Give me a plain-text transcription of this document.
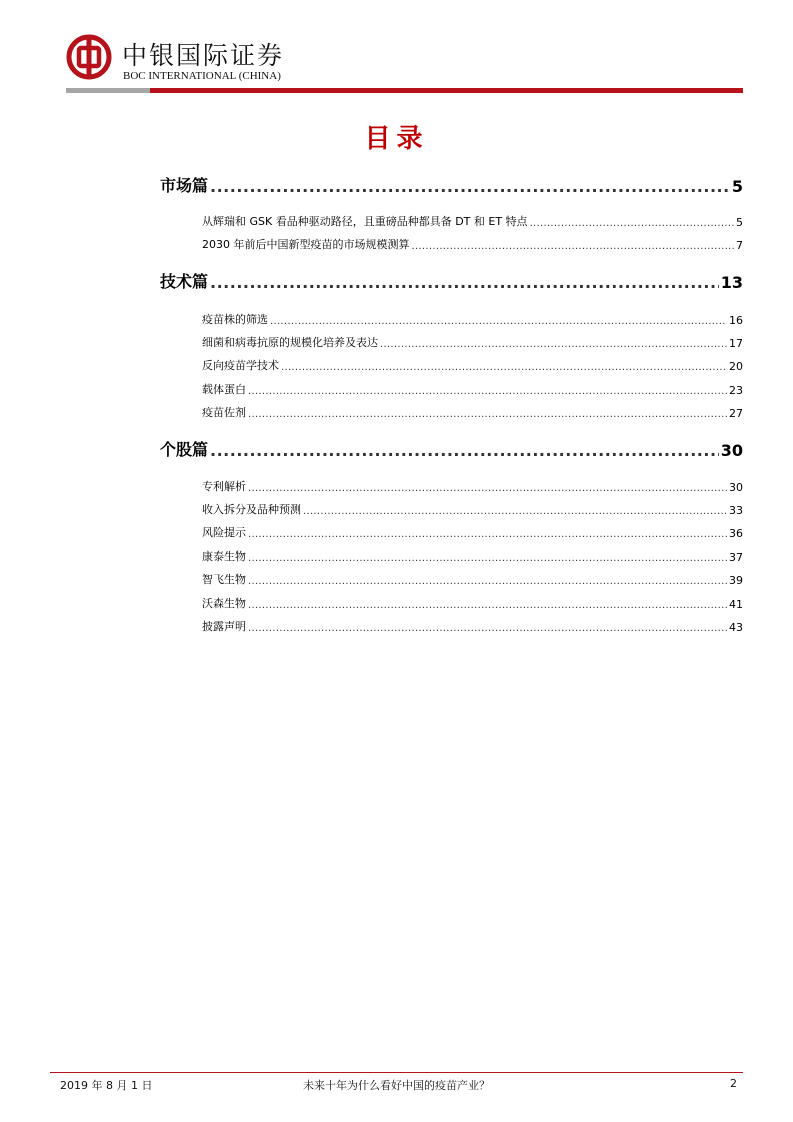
中银国际证券
BOC INTERNATIONAL (CHINA)
目录
市场篇 .....	5
从辉瑞和 GSK 看品种驱动路径，且重磅品种都具备 DT 和 ET 特点 .....	5
2030 年前后中国新型疫苗的市场规模测算 .....	7
技术篇 .....	13
疫苗株的筛选 .....	16
细菌和病毒抗原的规模化培养及表达 .....	17
反向疫苗学技术 .....	20
载体蛋白 .....	23
疫苗佐剂 .....	27
个股篇 .....	30
专利解析 .....	30
收入拆分及品种预测 .....	33
风险提示 .....	36
康泰生物 .....	37
智飞生物 .....	39
沃森生物 .....	41
披露声明 .....	43
2019 年 8 月 1 日	未来十年为什么看好中国的疫苗产业？	2
